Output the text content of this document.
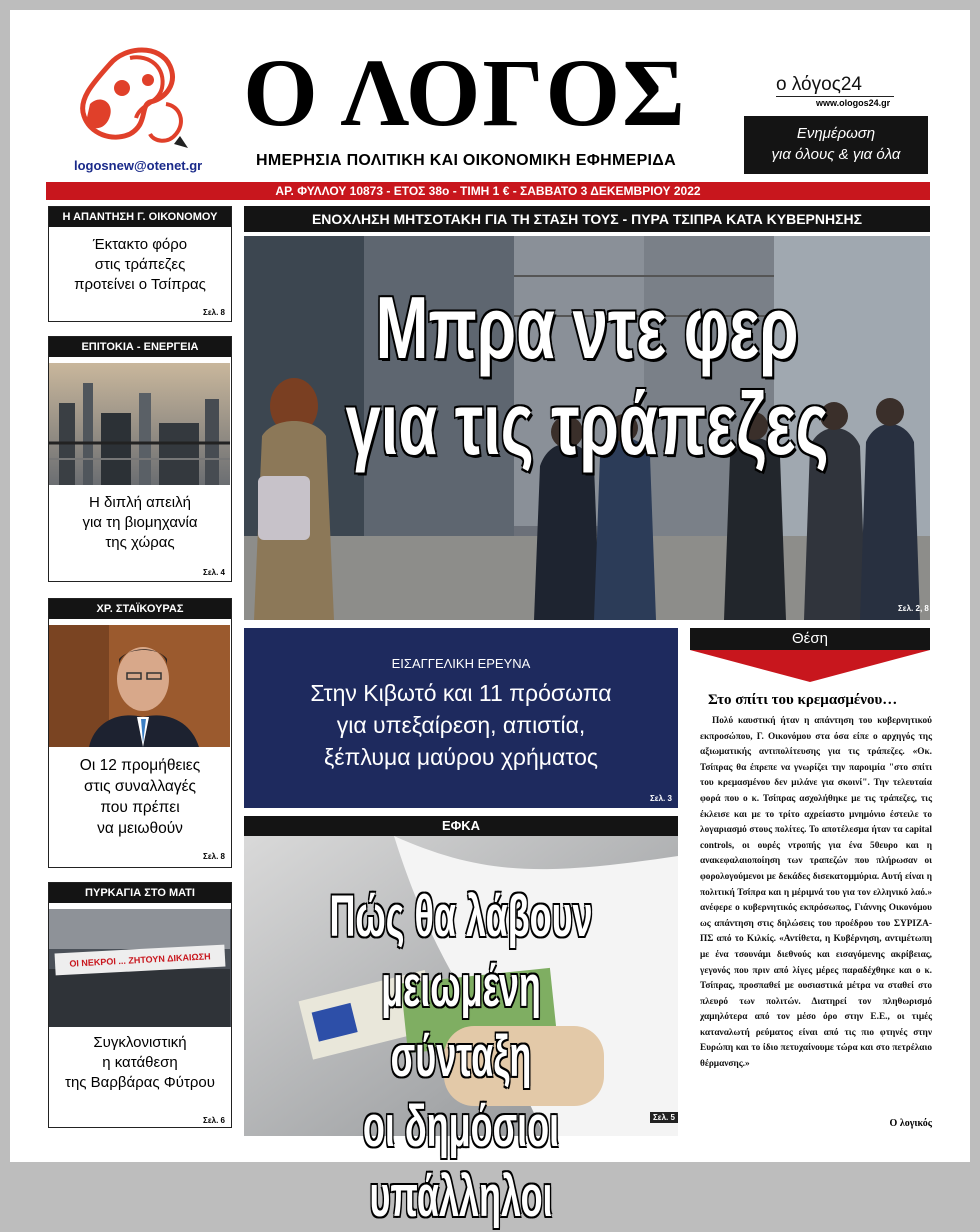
logosnew@otenet.gr
Ο ΛΟΓΟΣ
ΗΜΕΡΗΣΙΑ ΠΟΛΙΤΙΚΗ ΚΑΙ ΟΙΚΟΝΟΜΙΚΗ ΕΦΗΜΕΡΙΔΑ
ο λόγος24
www.ologos24.gr
Ενημέρωση
για όλους & για όλα
ΑΡ. ΦΥΛΛΟΥ 10873 - ΕΤΟΣ 38ο - ΤΙΜΗ 1 € - ΣΑΒΒΑΤΟ 3 ΔΕΚΕΜΒΡΙΟΥ 2022
ΕΝΟΧΛΗΣΗ ΜΗΤΣΟΤΑΚΗ ΓΙΑ ΤΗ ΣΤΑΣΗ ΤΟΥΣ - ΠΥΡΑ ΤΣΙΠΡΑ ΚΑΤΑ ΚΥΒΕΡΝΗΣΗΣ
Η ΑΠΑΝΤΗΣΗ Γ. ΟΙΚΟΝΟΜΟΥ
Έκτακτο φόρο
στις τράπεζες
προτείνει ο Τσίπρας
Σελ. 8
ΕΠΙΤΟΚΙΑ - ΕΝΕΡΓΕΙΑ
Η διπλή απειλή
για τη βιομηχανία
της χώρας
Σελ. 4
ΧΡ. ΣΤΑΪΚΟΥΡΑΣ
Οι 12 προμήθειες
στις συναλλαγές
που πρέπει
να μειωθούν
Σελ. 8
ΠΥΡΚΑΓΙΑ ΣΤΟ ΜΑΤΙ
ΟΙ ΝΕΚΡΟΙ ... ΖΗΤΟΥΝ ΔΙΚΑΙΩΣΗ
Συγκλονιστική
η κατάθεση
της Βαρβάρας Φύτρου
Σελ. 6
Μπρα ντε φερ
για τις τράπεζες
Σελ. 2, 8
ΕΙΣΑΓΓΕΛΙΚΗ ΕΡΕΥΝΑ
Στην Κιβωτό και 11 πρόσωπα
για υπεξαίρεση, απιστία,
ξέπλυμα μαύρου χρήματος
Σελ. 3
ΕΦΚΑ
Πώς θα λάβουν μειωμένη σύνταξη
οι δημόσιοι υπάλληλοι
Σελ. 5
Θέση
Στο σπίτι του κρεμασμένου…
Πολύ καυστική ήταν η απάντηση του κυβερνητικού εκπροσώπου, Γ. Οικονόμου στα όσα είπε ο αρχηγός της αξιωματικής αντιπολίτευσης για τις τράπεζες. «Οκ. Τσίπρας θα έπρεπε να γνωρίζει την παροιμία "στο σπίτι του κρεμασμένου δεν μιλάνε για σκοινί". Την τελευταία φορά που ο κ. Τσίπρας ασχολήθηκε με τις τράπεζες, τις έκλεισε και με το τρίτο αχρείαστο μνημόνιο έστειλε το λογαριασμό στους πολίτες. Το αποτέλεσμα ήταν τα capital controls, οι ουρές ντροπής για ένα 50ευρο και η ανακεφαλαιοποίηση των τραπεζών που πλήρωσαν οι φορολογούμενοι με δεκάδες δισεκατομμύρια. Αυτή είναι η πολιτική Τσίπρα και η μέριμνά του για τον ελληνικό λαό.» ανέφερε ο κυβερνητικός εκπρόσωπος, Γιάννης Οικονόμου ως απάντηση στις δηλώσεις του προέδρου του ΣΥΡΙΖΑ-ΠΣ από το Κιλκίς. «Αντίθετα, η Κυβέρνηση, αντιμέτωπη με ένα τσουνάμι διεθνούς και εισαγόμενης ακρίβειας, γεγονός που πριν από λίγες μέρες παραδέχθηκε και ο κ. Τσίπρας, προσπαθεί με ουσιαστικά μέτρα να σταθεί στο πλευρό των πολιτών. Διατηρεί τον πληθωρισμό χαμηλότερα από τον μέσο όρο στην Ε.Ε., οι τιμές καταναλωτή ρεύματος είναι από τις πιο φτηνές στην Ευρώπη και το ίδιο πετυχαίνουμε τώρα και στο πετρέλαιο θέρμανσης.»
Ο λογικός
